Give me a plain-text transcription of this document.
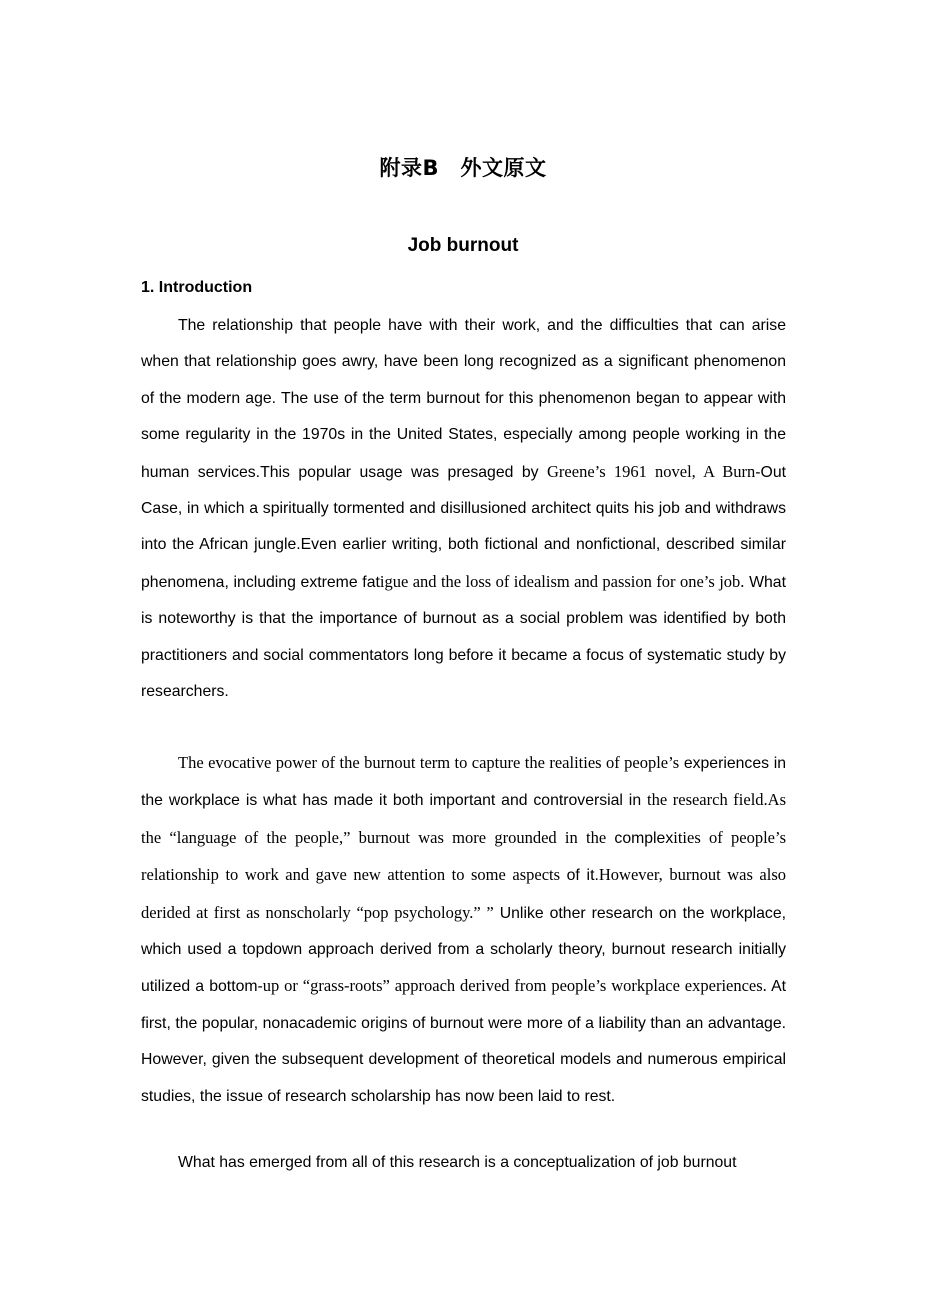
附录B　外文原文
Job burnout
1. Introduction

The relationship that people have with their work, and the difficulties that can arise when that relationship goes awry, have been long recognized as a significant phenomenon of the modern age. The use of the term burnout for this phenomenon began to appear with some regularity in the 1970s in the United States, especially among people working in the human services.This popular usage was presaged by Greene’s 1961 novel, A Burn-Out Case, in which a spiritually tormented and disillusioned architect quits his job and withdraws into the African jungle.Even earlier writing, both fictional and nonfictional, described similar phenomena, including extreme fatigue and the loss of idealism and passion for one’s job. What is noteworthy is that the importance of burnout as a social problem was identified by both practitioners and social commentators long before it became a focus of systematic study by researchers.

The evocative power of the burnout term to capture the realities of people’s experiences in the workplace is what has made it both important and controversial in the research field.As the “language of the people,” burnout was more grounded in the complexities of people’s relationship to work and gave new attention to some aspects of it.However, burnout was also derided at first as nonscholarly “pop psychology.” ” Unlike other research on the workplace, which used a topdown approach derived from a scholarly theory, burnout research initially utilized a bottom-up or “grass-roots” approach derived from people’s workplace experiences. At first, the popular, nonacademic origins of burnout were more of a liability than an advantage. However, given the subsequent development of theoretical models and numerous empirical studies, the issue of research scholarship has now been laid to rest.

What has emerged from all of this research is a conceptualization of job burnout
